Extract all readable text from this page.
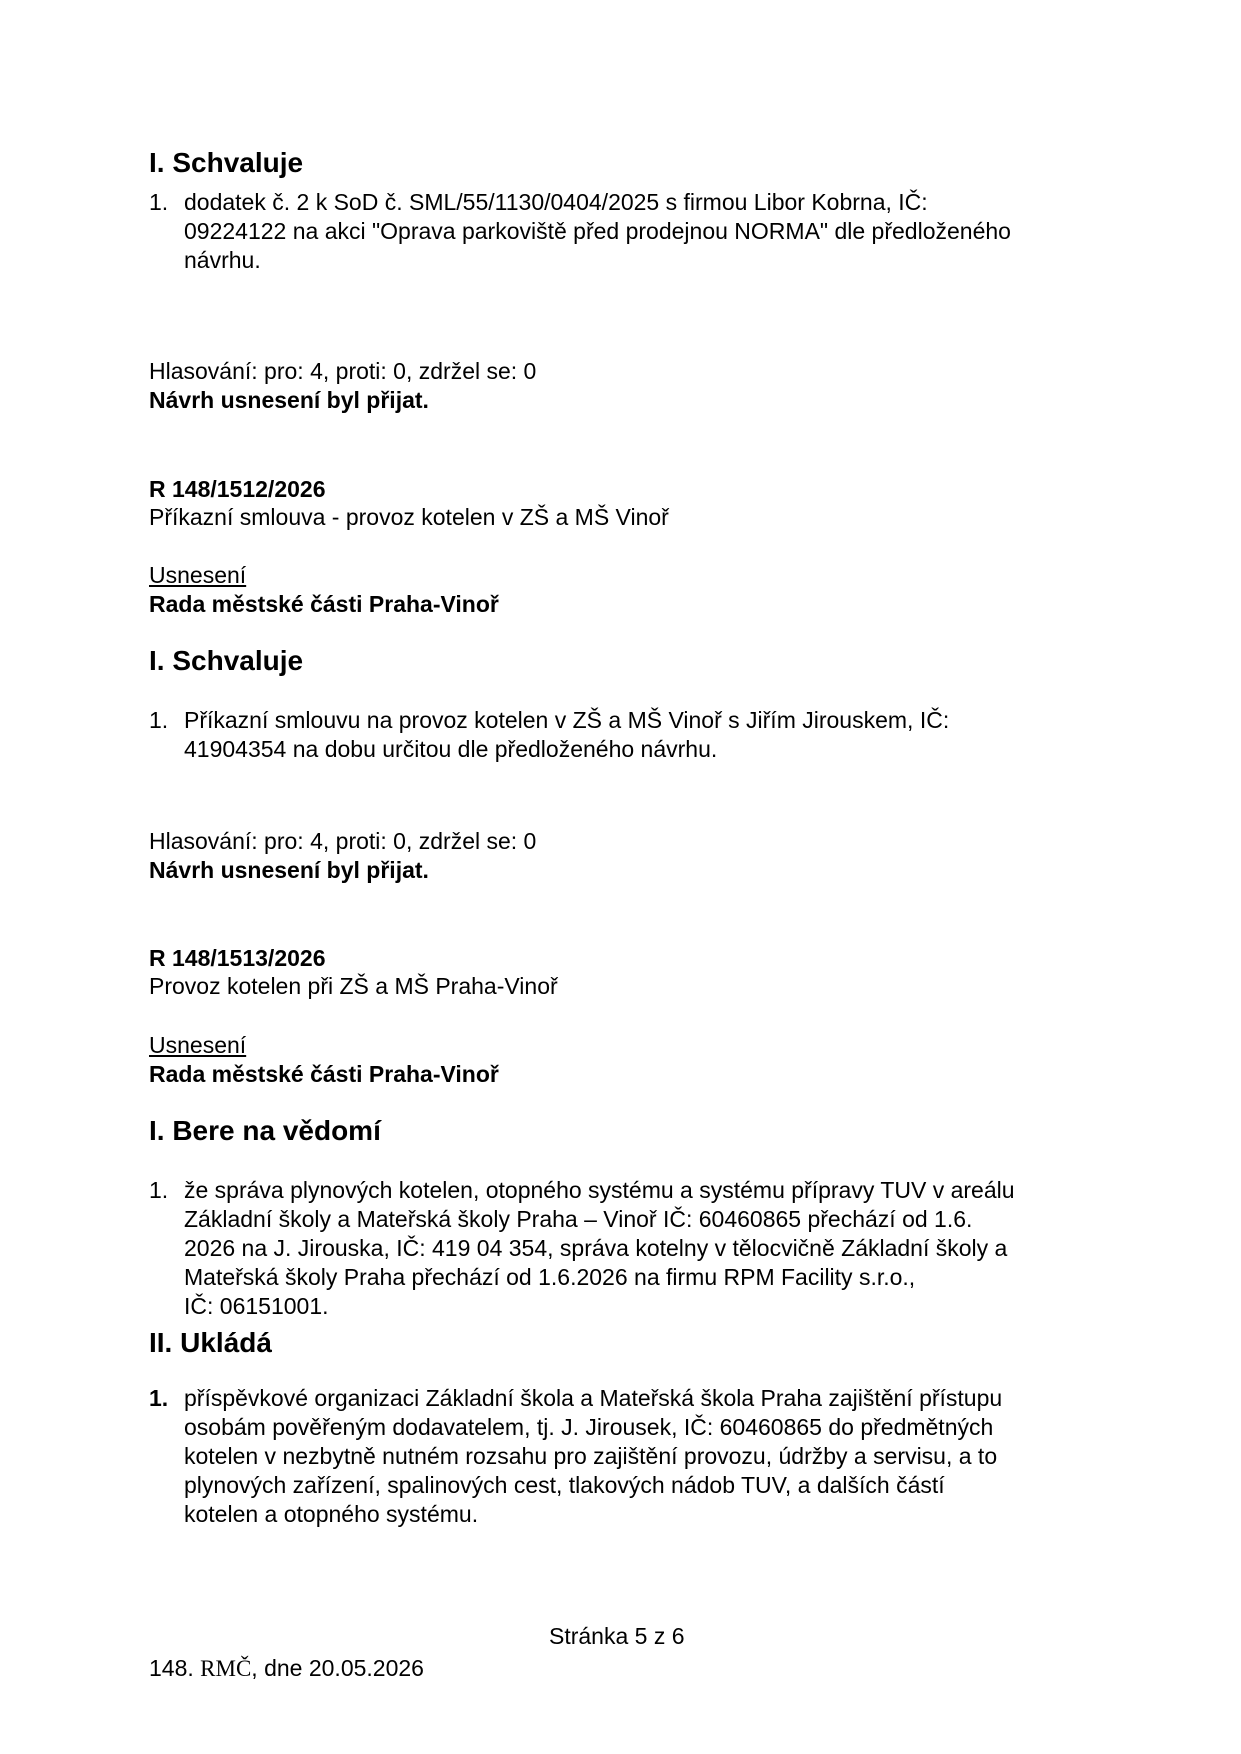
I. Schvaluje
1. dodatek č. 2 k SoD č. SML/55/1130/0404/2025 s firmou Libor Kobrna, IČ:
09224122 na akci "Oprava parkoviště před prodejnou NORMA" dle předloženého
návrhu.
Hlasování: pro: 4, proti: 0, zdržel se: 0
Návrh usnesení byl přijat.
R 148/1512/2026
Příkazní smlouva - provoz kotelen v ZŠ a MŠ Vinoř
Usnesení
Rada městské části Praha-Vinoř
I. Schvaluje
1. Příkazní smlouvu na provoz kotelen v ZŠ a MŠ Vinoř s Jiřím Jirouskem, IČ:
41904354 na dobu určitou dle předloženého návrhu.
Hlasování: pro: 4, proti: 0, zdržel se: 0
Návrh usnesení byl přijat.
R 148/1513/2026
Provoz kotelen při ZŠ a MŠ Praha-Vinoř
Usnesení
Rada městské části Praha-Vinoř
I. Bere na vědomí
1. že správa plynových kotelen, otopného systému a systému přípravy TUV v areálu
Základní školy a Mateřská školy Praha – Vinoř IČ: 60460865 přechází od 1.6.
2026 na J. Jirouska, IČ: 419 04 354, správa kotelny v tělocvičně Základní školy a
Mateřská školy Praha přechází od 1.6.2026 na firmu RPM Facility s.r.o.,
IČ: 06151001.
II. Ukládá
1. příspěvkové organizaci Základní škola a Mateřská škola Praha zajištění přístupu
osobám pověřeným dodavatelem, tj. J. Jirousek, IČ: 60460865 do předmětných
kotelen v nezbytně nutném rozsahu pro zajištění provozu, údržby a servisu, a to
plynových zařízení, spalinových cest, tlakových nádob TUV, a dalších částí
kotelen a otopného systému.
Stránka 5 z 6
148. RMČ, dne 20.05.2026
